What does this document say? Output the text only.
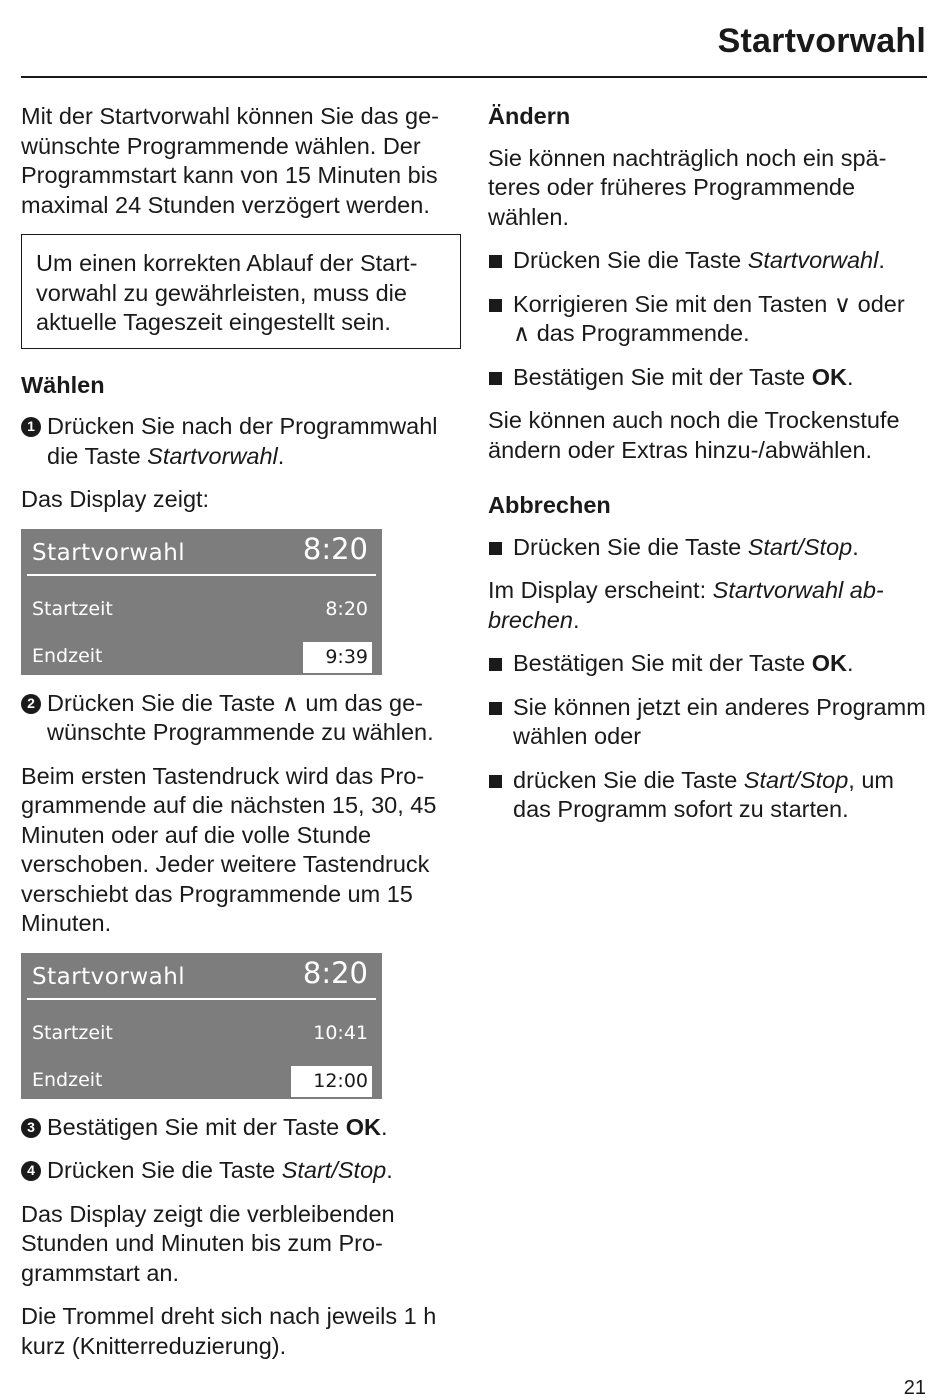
Startvorwahl

Mit der Startvorwahl können Sie das gewünschte Programmende wählen. Der Programmstart kann von 15 Minuten bis maximal 24 Stunden verzögert werden.

Um einen korrekten Ablauf der Startvorwahl zu gewährleisten, muss die aktuelle Tageszeit eingestellt sein.

Wählen
1 Drücken Sie nach der Programmwahl die Taste Startvorwahl.

Das Display zeigt:

Startvorwahl	8:20
Startzeit	8:20
Endzeit	9:39
2 Drücken Sie die Taste ∧ um das gewünschte Programmende zu wählen.

Beim ersten Tastendruck wird das Programmende auf die nächsten 15, 30, 45 Minuten oder auf die volle Stunde verschoben. Jeder weitere Tastendruck verschiebt das Programmende um 15 Minuten.

Startvorwahl	8:20
Startzeit	10:41
Endzeit	12:00
3 Bestätigen Sie mit der Taste OK.
4 Drücken Sie die Taste Start/Stop.

Das Display zeigt die verbleibenden Stunden und Minuten bis zum Programmstart an.

Die Trommel dreht sich nach jeweils 1 h kurz (Knitterreduzierung).

Ändern

Sie können nachträglich noch ein späteres oder früheres Programmende wählen.

Drücken Sie die Taste Startvorwahl.
Korrigieren Sie mit den Tasten ∨ oder ∧ das Programmende.
Bestätigen Sie mit der Taste OK.

Sie können auch noch die Trockenstufe ändern oder Extras hinzu-/abwählen.

Abbrechen
Drücken Sie die Taste Start/Stop.

Im Display erscheint: Startvorwahl abbrechen.

Bestätigen Sie mit der Taste OK.
Sie können jetzt ein anderes Programm wählen oder
drücken Sie die Taste Start/Stop, um das Programm sofort zu starten.

21
